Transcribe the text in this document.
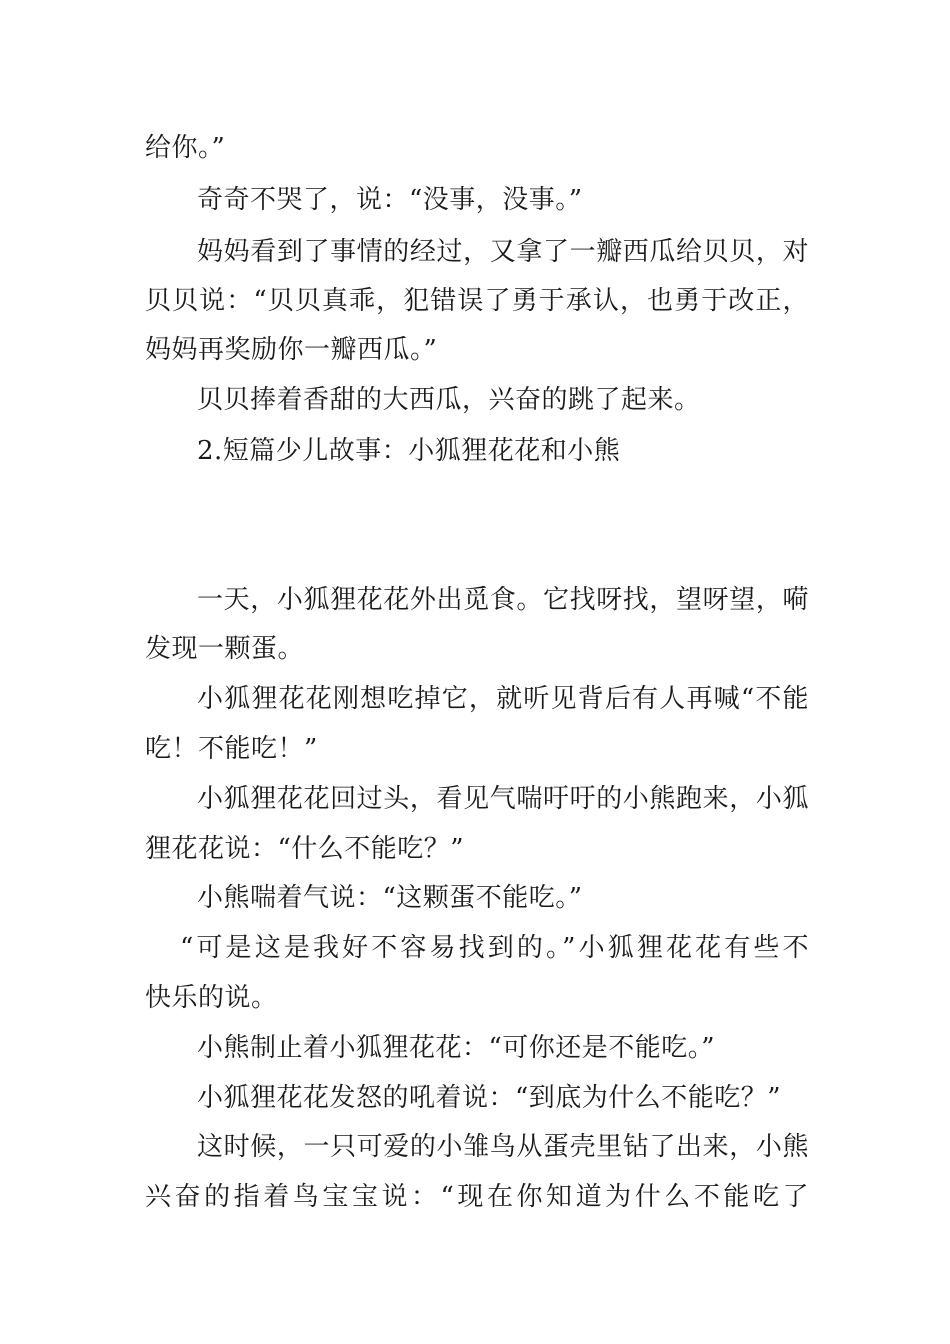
给你。”
奇奇不哭了，说：“没事，没事。”
妈妈看到了事情的经过，又拿了一瓣西瓜给贝贝，对
贝贝说：“贝贝真乖，犯错误了勇于承认，也勇于改正，
妈妈再奖励你一瓣西瓜。”
贝贝捧着香甜的大西瓜，兴奋的跳了起来。
2.短篇少儿故事：小狐狸花花和小熊
一天，小狐狸花花外出觅食。它找呀找，望呀望，嗬
发现一颗蛋。
小狐狸花花刚想吃掉它，就听见背后有人再喊“不能
吃！不能吃！”
小狐狸花花回过头，看见气喘吁吁的小熊跑来，小狐
狸花花说：“什么不能吃？”
小熊喘着气说：“这颗蛋不能吃。”
“可是这是我好不容易找到的。”小狐狸花花有些不
快乐的说。
小熊制止着小狐狸花花：“可你还是不能吃。”
小狐狸花花发怒的吼着说：“到底为什么不能吃？”
这时候，一只可爱的小雏鸟从蛋壳里钻了出来，小熊
兴奋的指着鸟宝宝说：“现在你知道为什么不能吃了
